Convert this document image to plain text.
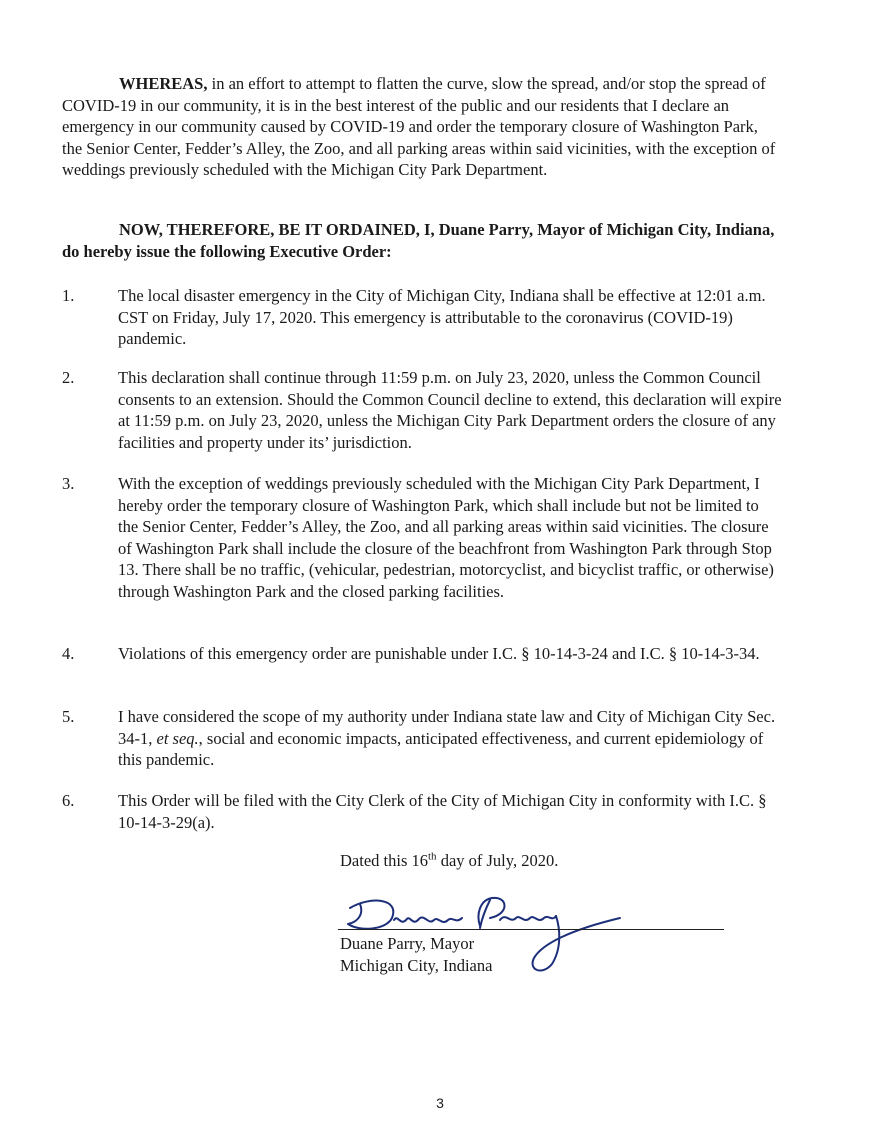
WHEREAS, in an effort to attempt to flatten the curve, slow the spread, and/or stop the spread of COVID-19 in our community, it is in the best interest of the public and our residents that I declare an emergency in our community caused by COVID-19 and order the temporary closure of Washington Park, the Senior Center, Fedder’s Alley, the Zoo, and all parking areas within said vicinities, with the exception of weddings previously scheduled with the Michigan City Park Department.

NOW, THEREFORE, BE IT ORDAINED, I, Duane Parry, Mayor of Michigan City, Indiana, do hereby issue the following Executive Order:

1.	The local disaster emergency in the City of Michigan City, Indiana shall be effective at 12:01 a.m. CST on Friday, July 17, 2020. This emergency is attributable to the coronavirus (COVID-19) pandemic.

2.	This declaration shall continue through 11:59 p.m. on July 23, 2020, unless the Common Council consents to an extension. Should the Common Council decline to extend, this declaration will expire at 11:59 p.m. on July 23, 2020, unless the Michigan City Park Department orders the closure of any facilities and property under its’ jurisdiction.

3.	With the exception of weddings previously scheduled with the Michigan City Park Department, I hereby order the temporary closure of Washington Park, which shall include but not be limited to the Senior Center, Fedder’s Alley, the Zoo, and all parking areas within said vicinities. The closure of Washington Park shall include the closure of the beachfront from Washington Park through Stop 13. There shall be no traffic, (vehicular, pedestrian, motorcyclist, and bicyclist traffic, or otherwise) through Washington Park and the closed parking facilities.

4.	Violations of this emergency order are punishable under I.C. § 10-14-3-24 and I.C. § 10-14-3-34.

5.	I have considered the scope of my authority under Indiana state law and City of Michigan City Sec. 34-1, et seq., social and economic impacts, anticipated effectiveness, and current epidemiology of this pandemic.

6.	This Order will be filed with the City Clerk of the City of Michigan City in conformity with I.C. § 10-14-3-29(a).

Dated this 16th day of July, 2020.
Duane Parry, Mayor
Michigan City, Indiana
3
